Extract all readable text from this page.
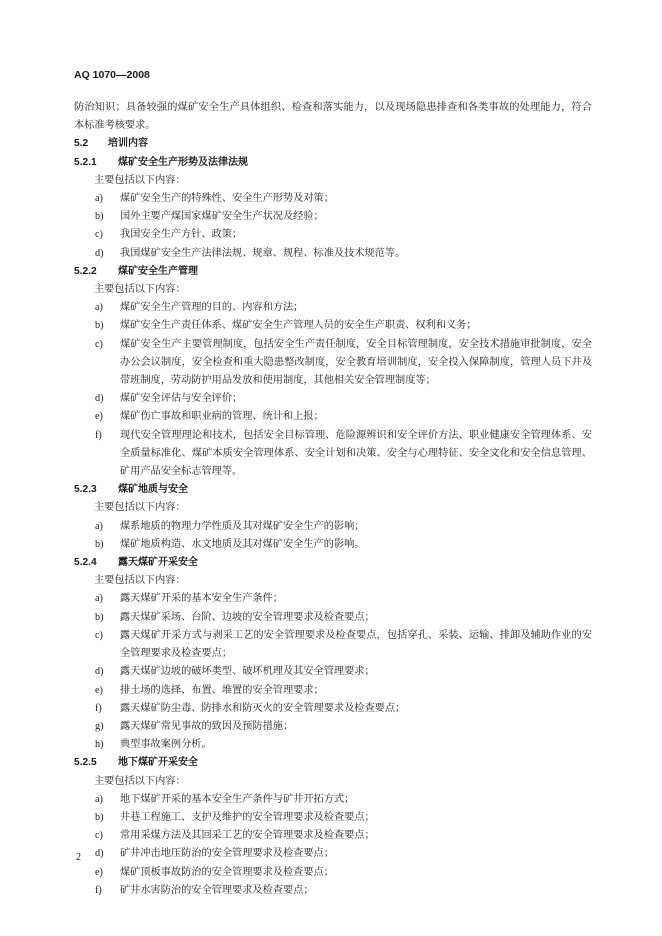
AQ 1070—2008

防治知识；具备较强的煤矿安全生产具体组织、检查和落实能力，以及现场隐患排查和各类事故的处理能力，符合本标准考核要求。

5.2	培训内容
5.2.1	煤矿安全生产形势及法律法规

主要包括以下内容：

a)	煤矿安全生产的特殊性、安全生产形势及对策；
b)	国外主要产煤国家煤矿安全生产状况及经验；
c)	我国安全生产方针、政策；
d)	我国煤矿安全生产法律法规、规章、规程、标准及技术规范等。
5.2.2	煤矿安全生产管理

主要包括以下内容：

a)	煤矿安全生产管理的目的、内容和方法；
b)	煤矿安全生产责任体系、煤矿安全生产管理人员的安全生产职责、权利和义务；
c)	煤矿安全生产主要管理制度，包括安全生产责任制度，安全目标管理制度，安全技术措施审批制度，安全办公会议制度，安全检查和重大隐患整改制度，安全教育培训制度，安全投入保障制度，管理人员下井及带班制度，劳动防护用品发放和使用制度，其他相关安全管理制度等；
d)	煤矿安全评估与安全评价；
e)	煤矿伤亡事故和职业病的管理、统计和上报；
f)	现代安全管理理论和技术，包括安全目标管理、危险源辨识和安全评价方法、职业健康安全管理体系、安全质量标准化、煤矿本质安全管理体系、安全计划和决策、安全与心理特征、安全文化和安全信息管理、矿用产品安全标志管理等。
5.2.3	煤矿地质与安全

主要包括以下内容：

a)	煤系地质的物理力学性质及其对煤矿安全生产的影响；
b)	煤矿地质构造、水文地质及其对煤矿安全生产的影响。
5.2.4	露天煤矿开采安全

主要包括以下内容：

a)	露天煤矿开采的基本安全生产条件；
b)	露天煤矿采场、台阶、边坡的安全管理要求及检查要点；
c)	露天煤矿开采方式与剥采工艺的安全管理要求及检查要点，包括穿孔、采装、运输、排卸及辅助作业的安全管理要求及检查要点；
d)	露天煤矿边坡的破坏类型、破坏机理及其安全管理要求；
e)	排土场的选择、布置、堆置的安全管理要求；
f)	露天煤矿防尘毒、防排水和防灭火的安全管理要求及检查要点；
g)	露天煤矿常见事故的致因及预防措施；
h)	典型事故案例分析。
5.2.5	地下煤矿开采安全

主要包括以下内容：

a)	地下煤矿开采的基本安全生产条件与矿井开拓方式；
b)	井巷工程施工、支护及维护的安全管理要求及检查要点；
c)	常用采煤方法及其回采工艺的安全管理要求及检查要点；
d)	矿井冲击地压防治的安全管理要求及检查要点；
e)	煤矿顶板事故防治的安全管理要求及检查要点；
f)	矿井水害防治的安全管理要求及检查要点；

2
